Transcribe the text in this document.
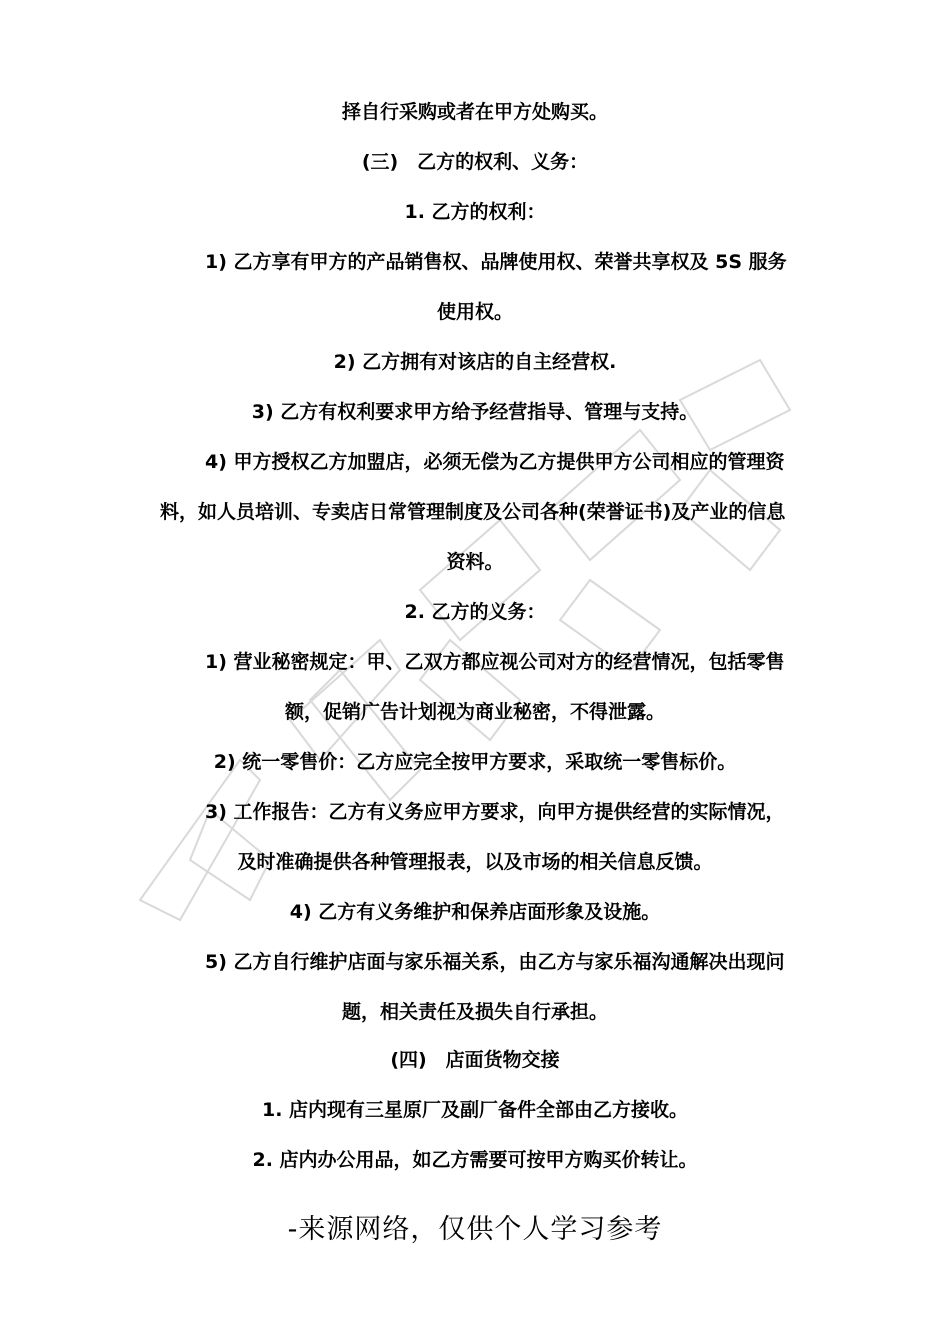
择自行采购或者在甲方处购买。
(三)　乙方的权利、义务：
1. 乙方的权利：
1) 乙方享有甲方的产品销售权、品牌使用权、荣誉共享权及 5S 服务
使用权。
2) 乙方拥有对该店的自主经营权.
3) 乙方有权利要求甲方给予经营指导、管理与支持。
4) 甲方授权乙方加盟店，必须无偿为乙方提供甲方公司相应的管理资
料，如人员培训、专卖店日常管理制度及公司各种(荣誉证书)及产业的信息
资料。
2. 乙方的义务：
1) 营业秘密规定：甲、乙双方都应视公司对方的经营情况，包括零售
额，促销广告计划视为商业秘密，不得泄露。
2) 统一零售价：乙方应完全按甲方要求，采取统一零售标价。
3) 工作报告：乙方有义务应甲方要求，向甲方提供经营的实际情况，
及时准确提供各种管理报表，以及市场的相关信息反馈。
4) 乙方有义务维护和保养店面形象及设施。
5) 乙方自行维护店面与家乐福关系，由乙方与家乐福沟通解决出现问
题，相关责任及损失自行承担。
(四)　店面货物交接
1. 店内现有三星原厂及副厂备件全部由乙方接收。
2. 店内办公用品，如乙方需要可按甲方购买价转让。
-来源网络，仅供个人学习参考
